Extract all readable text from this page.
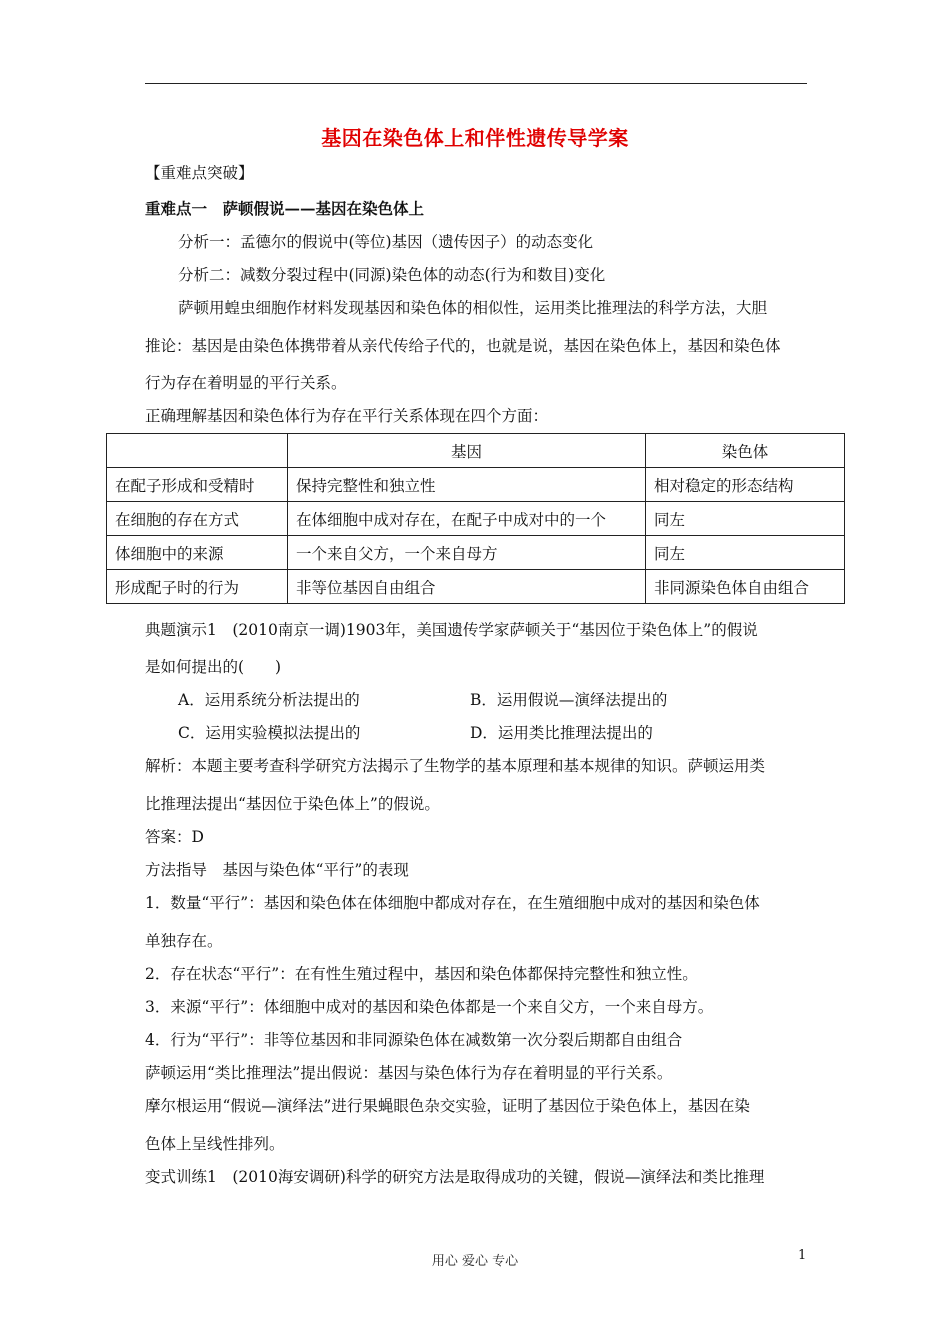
基因在染色体上和伴性遗传导学案
【重难点突破】
重难点一　萨顿假说——基因在染色体上
分析一：孟德尔的假说中(等位)基因（遗传因子）的动态变化
分析二：减数分裂过程中(同源)染色体的动态(行为和数目)变化
萨顿用蝗虫细胞作材料发现基因和染色体的相似性，运用类比推理法的科学方法，大胆
推论：基因是由染色体携带着从亲代传给子代的，也就是说，基因在染色体上，基因和染色体
行为存在着明显的平行关系。
正确理解基因和染色体行为存在平行关系体现在四个方面：
	基因	染色体
在配子形成和受精时	保持完整性和独立性	相对稳定的形态结构
在细胞的存在方式	在体细胞中成对存在，在配子中成对中的一个	同左
体细胞中的来源	一个来自父方，一个来自母方	同左
形成配子时的行为	非等位基因自由组合	非同源染色体自由组合
典题演示1　(2010南京一调)1903年，美国遗传学家萨顿关于“基因位于染色体上”的假说
是如何提出的(　　)
A．运用系统分析法提出的	B．运用假说—演绎法提出的
C．运用实验模拟法提出的	D．运用类比推理法提出的
解析：本题主要考查科学研究方法揭示了生物学的基本原理和基本规律的知识。萨顿运用类
比推理法提出“基因位于染色体上”的假说。
答案：D
方法指导　基因与染色体“平行”的表现
1．数量“平行”：基因和染色体在体细胞中都成对存在，在生殖细胞中成对的基因和染色体
单独存在。
2．存在状态“平行”：在有性生殖过程中，基因和染色体都保持完整性和独立性。
3．来源“平行”：体细胞中成对的基因和染色体都是一个来自父方，一个来自母方。
4．行为“平行”：非等位基因和非同源染色体在减数第一次分裂后期都自由组合
萨顿运用“类比推理法”提出假说：基因与染色体行为存在着明显的平行关系。
摩尔根运用“假说—演绎法”进行果蝇眼色杂交实验，证明了基因位于染色体上，基因在染
色体上呈线性排列。
变式训练1　(2010海安调研)科学的研究方法是取得成功的关键，假说—演绎法和类比推理
用心 爱心 专心	1
